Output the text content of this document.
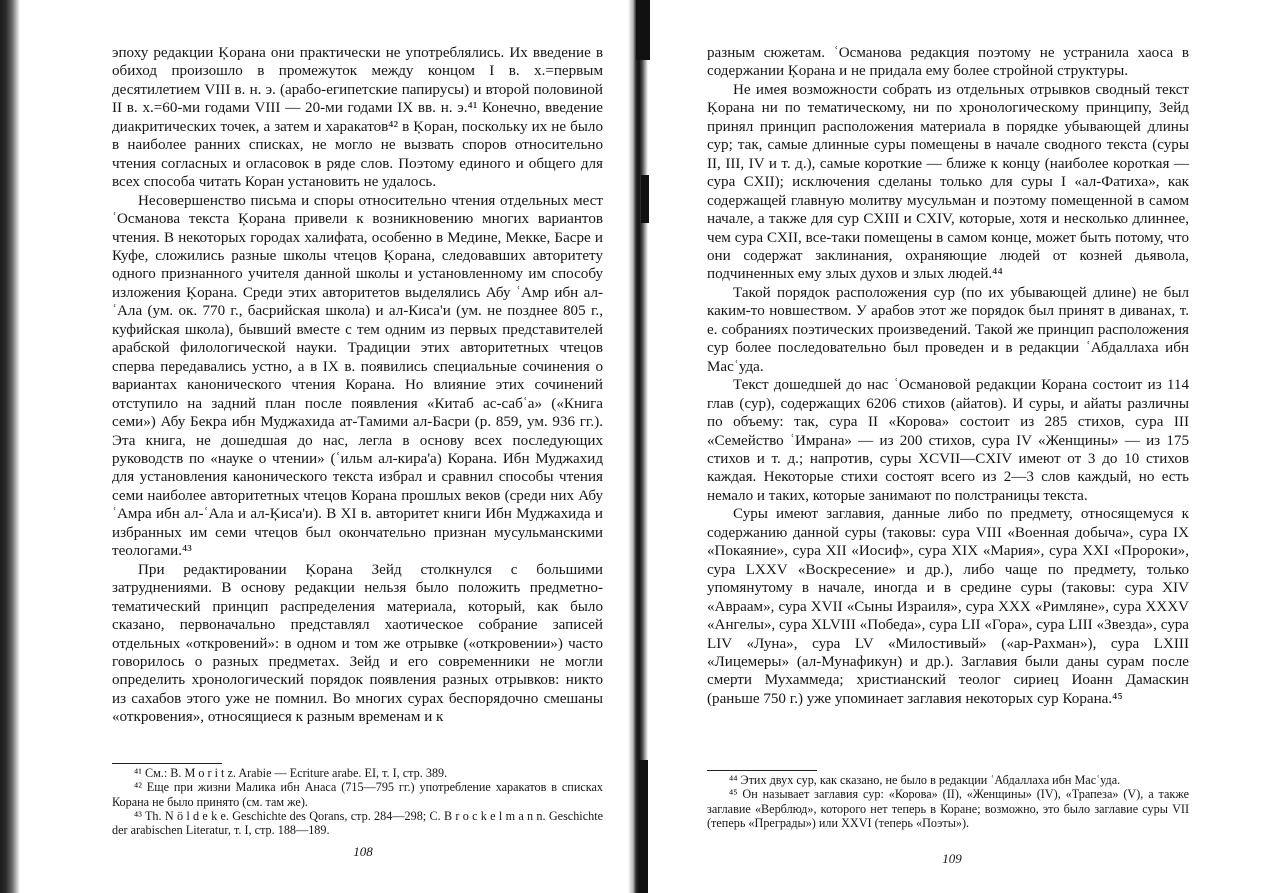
эпоху редакции Ķорана они практически не употреблялись. Их введение в обиход произошло в промежуток между концом I в. х.=первым десятилетием VIII в. н. э. (арабо-египетские папирусы) и второй половиной II в. х.=60-ми годами VIII — 20-ми годами IX вв. н. э.⁴¹ Конечно, введение диакритических точек, а затем и харакатов⁴² в Ķоран, поскольку их не было в наиболее ранних списках, не могло не вызвать споров относительно чтения согласных и огласовок в ряде слов. Поэтому единого и общего для всех способа читать Коран установить не удалось.

Несовершенство письма и споры относительно чтения отдельных мест ʿОсманова текста Ķорана привели к возникновению многих вариантов чтения. В некоторых городах халифата, особенно в Медине, Мекке, Басре и Куфе, сложились разные школы чтецов Ķорана, следовавших авторитету одного признанного учителя данной школы и установленному им способу изложения Ķорана. Среди этих авторитетов выделялись Абу ʿАмр ибн ал-ʿАла (ум. ок. 770 г., басрийская школа) и ал-Киса'и (ум. не позднее 805 г., куфийская школа), бывший вместе с тем одним из первых представителей арабской филологической науки. Традиции этих авторитетных чтецов сперва передавались устно, а в IX в. появились специальные сочинения о вариантах канонического чтения Корана. Но влияние этих сочинений отступило на задний план после появления «Китаб ас-сабʿа» («Книга семи») Абу Бекра ибн Муджахида ат-Тамими ал-Басри (р. 859, ум. 936 гг.). Эта книга, не дошедшая до нас, легла в основу всех последующих руководств по «науке о чтении» (ʿильм ал-кира'а) Корана. Ибн Муджахид для установления канонического текста избрал и сравнил способы чтения семи наиболее авторитетных чтецов Корана прошлых веков (среди них Абу ʿАмра ибн ал-ʿАла и ал-Ķиса'и). В XI в. авторитет книги Ибн Муджахида и избранных им семи чтецов был окончательно признан мусульманскими теологами.⁴³

При редактировании Ķорана Зейд столкнулся с большими затруднениями. В основу редакции нельзя было положить предметно-тематический принцип распределения материала, который, как было сказано, первоначально представлял хаотическое собрание записей отдельных «откровений»: в одном и том же отрывке («откровении») часто говорилось о разных предметах. Зейд и его современники не могли определить хронологический порядок появления разных отрывков: никто из сахабов этого уже не помнил. Во многих сурах беспорядочно смешаны «откровения», относящиеся к разным временам и к

⁴¹ См.: B. M o r i t z. Arabie — Ecriture arabe. EI, т. I, стр. 389.

⁴² Еще при жизни Малика ибн Анаса (715—795 гг.) употребление харакатов в списках Корана не было принято (см. там же).

⁴³ Th. N ö l d e k e. Geschichte des Qorans, стр. 284—298; C. B r o c k e l m a n n. Geschichte der arabischen Literatur, т. I, стр. 188—189.

108

разным сюжетам. ʿОсманова редакция поэтому не устранила хаоса в содержании Ķорана и не придала ему более стройной структуры.

Не имея возможности собрать из отдельных отрывков сводный текст Ķорана ни по тематическому, ни по хронологическому принципу, Зейд принял принцип расположения материала в порядке убывающей длины сур; так, самые длинные суры помещены в начале сводного текста (суры II, III, IV и т. д.), самые короткие — ближе к концу (наиболее короткая — сура CXII); исключения сделаны только для суры I «ал-Фатиха», как содержащей главную молитву мусульман и поэтому помещенной в самом начале, а также для сур CXIII и CXIV, которые, хотя и несколько длиннее, чем сура CXII, все-таки помещены в самом конце, может быть потому, что они содержат заклинания, охраняющие людей от козней дьявола, подчиненных ему злых духов и злых людей.⁴⁴

Такой порядок расположения сур (по их убывающей длине) не был каким-то новшеством. У арабов этот же порядок был принят в диванах, т. е. собраниях поэтических произведений. Такой же принцип расположения сур более последовательно был проведен и в редакции ʿАбдаллаха ибн Масʿуда.

Текст дошедшей до нас ʿОсмановой редакции Корана состоит из 114 глав (сур), содержащих 6206 стихов (айатов). И суры, и айаты различны по объему: так, сура II «Корова» состоит из 285 стихов, сура III «Семейство ʿИмрана» — из 200 стихов, сура IV «Женщины» — из 175 стихов и т. д.; напротив, суры XCVII—CXIV имеют от 3 до 10 стихов каждая. Некоторые стихи состоят всего из 2—3 слов каждый, но есть немало и таких, которые занимают по полстраницы текста.

Суры имеют заглавия, данные либо по предмету, относящемуся к содержанию данной суры (таковы: сура VIII «Военная добыча», сура IX «Покаяние», сура XII «Иосиф», сура XIX «Мария», сура XXI «Пророки», сура LXXV «Воскресение» и др.), либо чаще по предмету, только упомянутому в начале, иногда и в средине суры (таковы: сура XIV «Авраам», сура XVII «Сыны Израиля», сура XXX «Римляне», сура XXXV «Ангелы», сура XLVIII «Победа», сура LII «Гора», сура LIII «Звезда», сура LIV «Луна», сура LV «Милостивый» («ар-Рахман»), сура LXIII «Лицемеры» (ал-Мунафикун) и др.). Заглавия были даны сурам после смерти Мухаммеда; христианский теолог сириец Иоанн Дамаскин (раньше 750 г.) уже упоминает заглавия некоторых сур Корана.⁴⁵

⁴⁴ Этих двух сур, как сказано, не было в редакции ʿАбдаллаха ибн Масʿуда.

⁴⁵ Он называет заглавия сур: «Корова» (II), «Женщины» (IV), «Трапеза» (V), а также заглавие «Верблюд», которого нет теперь в Коране; возможно, это было заглавие суры VII (теперь «Преграды») или XXVI (теперь «Поэты»).

109
